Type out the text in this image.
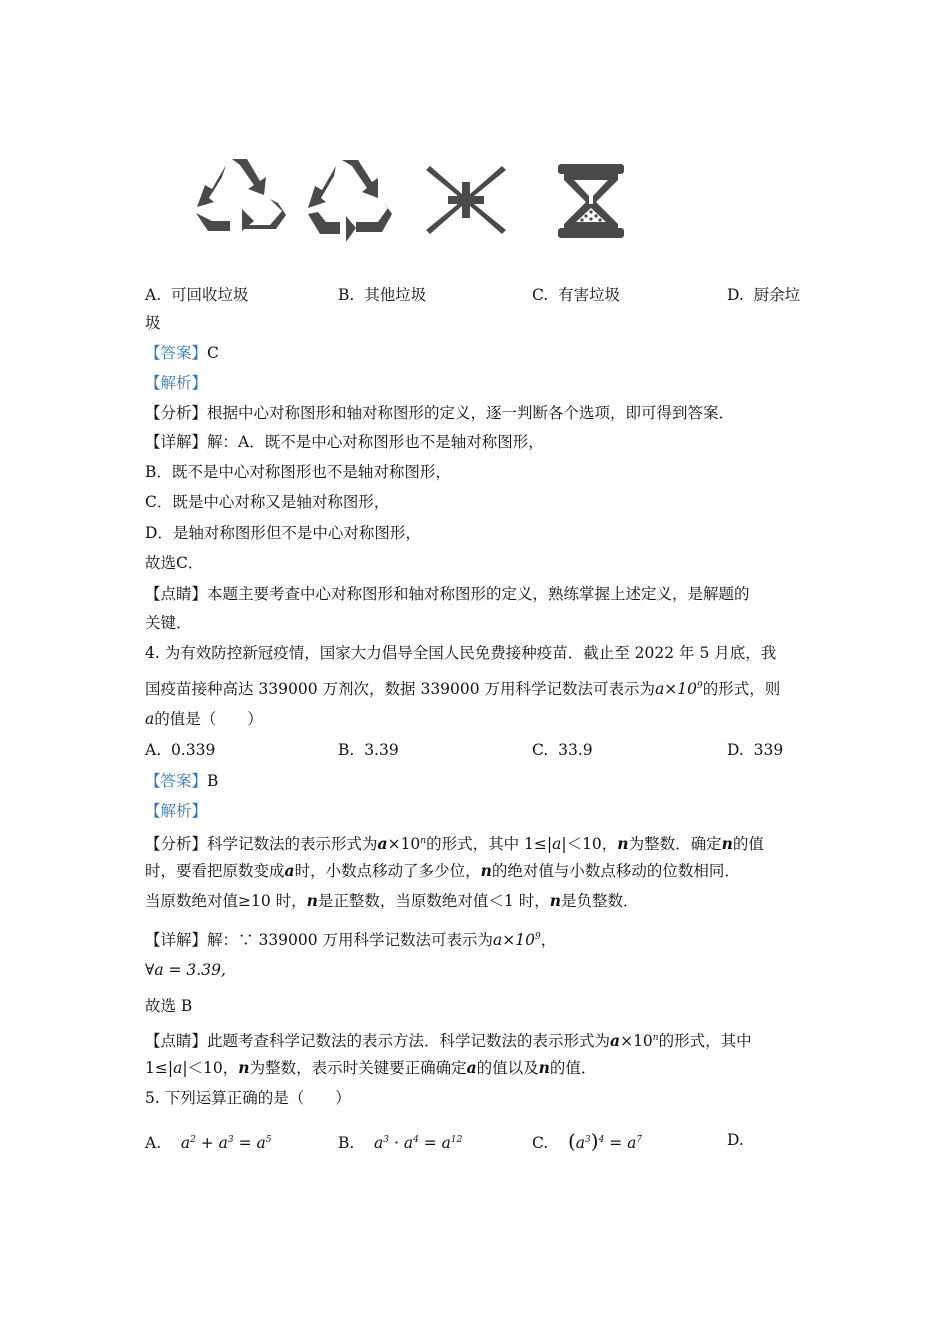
A. 可回收垃圾	B. 其他垃圾	C. 有害垃圾	D. 厨余垃
圾
【答案】C
【解析】
【分析】根据中心对称图形和轴对称图形的定义，逐一判断各个选项，即可得到答案．
【详解】解：A．既不是中心对称图形也不是轴对称图形，
B．既不是中心对称图形也不是轴对称图形，
C．既是中心对称又是轴对称图形，
D．是轴对称图形但不是中心对称图形，
故选C．
【点睛】本题主要考查中心对称图形和轴对称图形的定义，熟练掌握上述定义，是解题的
关键．
4. 为有效防控新冠疫情，国家大力倡导全国人民免费接种疫苗．截止至 2022 年 5 月底，我
国疫苗接种高达 339000 万剂次，数据 339000 万用科学记数法可表示为$a\times 10^9$的形式，则
a的值是（　　）
A. 0.339	B. 3.39	C. 33.9	D. 339
【答案】B
【解析】
【分析】科学记数法的表示形式为$a\times 10^n$的形式，其中 1≤|a|＜10，n为整数．确定n的值
时，要看把原数变成a时，小数点移动了多少位，n的绝对值与小数点移动的位数相同．
当原数绝对值≥10 时，n是正整数，当原数绝对值＜1 时，n是负整数．
【详解】解：∵ 339000 万用科学记数法可表示为$a\times 10^9$，
∀a = 3.39,
故选 B
【点睛】此题考查科学记数法的表示方法．科学记数法的表示形式为$a\times 10^n$的形式，其中
1≤|a|＜10，n为整数，表示时关键要正确确定a的值以及n的值．
5. 下列运算正确的是（　　）
A. $a^2 + a^3 = a^5$	B. $a^3 \cdot a^4 = a^{12}$	C. $(a^3)^4 = a^7$	D.
